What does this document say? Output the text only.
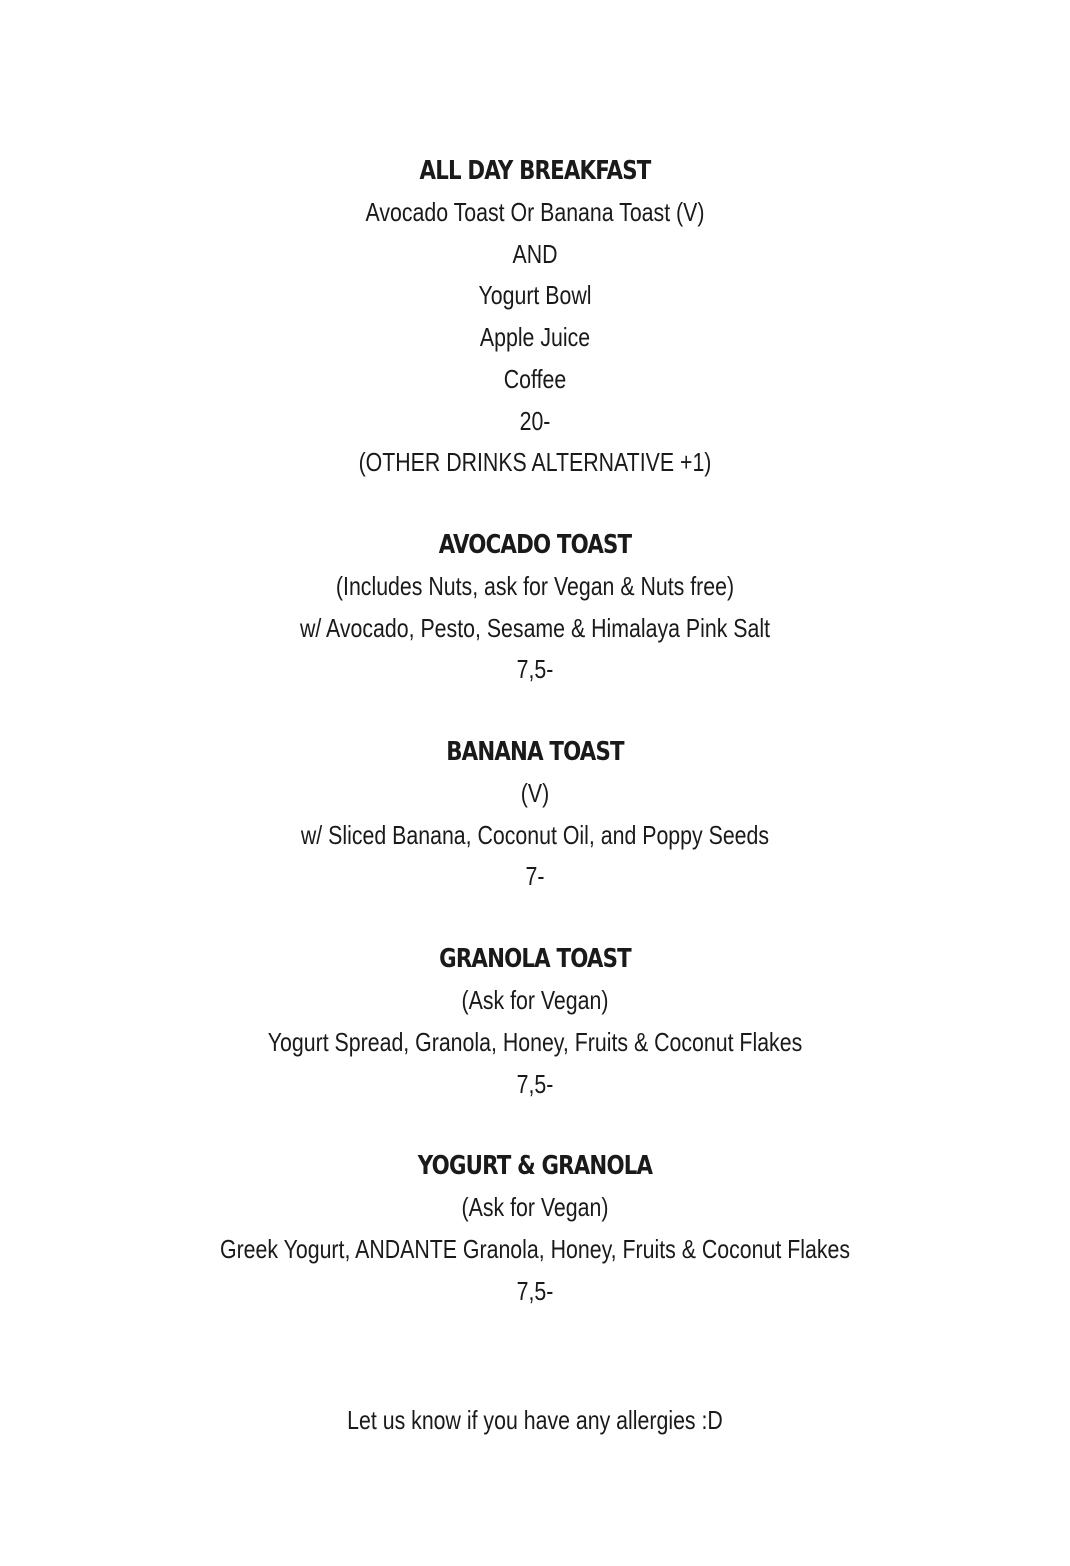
ALL DAY BREAKFAST
Avocado Toast Or Banana Toast (V)
AND
Yogurt Bowl
Apple Juice
Coffee
20-
(OTHER DRINKS ALTERNATIVE +1)
AVOCADO TOAST
(Includes Nuts, ask for Vegan & Nuts free)
w/ Avocado, Pesto, Sesame & Himalaya Pink Salt
7,5-
BANANA TOAST
(V)
w/ Sliced Banana, Coconut Oil, and Poppy Seeds
7-
GRANOLA TOAST
(Ask for Vegan)
Yogurt Spread, Granola, Honey, Fruits & Coconut Flakes
7,5-
YOGURT & GRANOLA
(Ask for Vegan)
Greek Yogurt, ANDANTE Granola, Honey, Fruits & Coconut Flakes
7,5-
Let us know if you have any allergies :D
